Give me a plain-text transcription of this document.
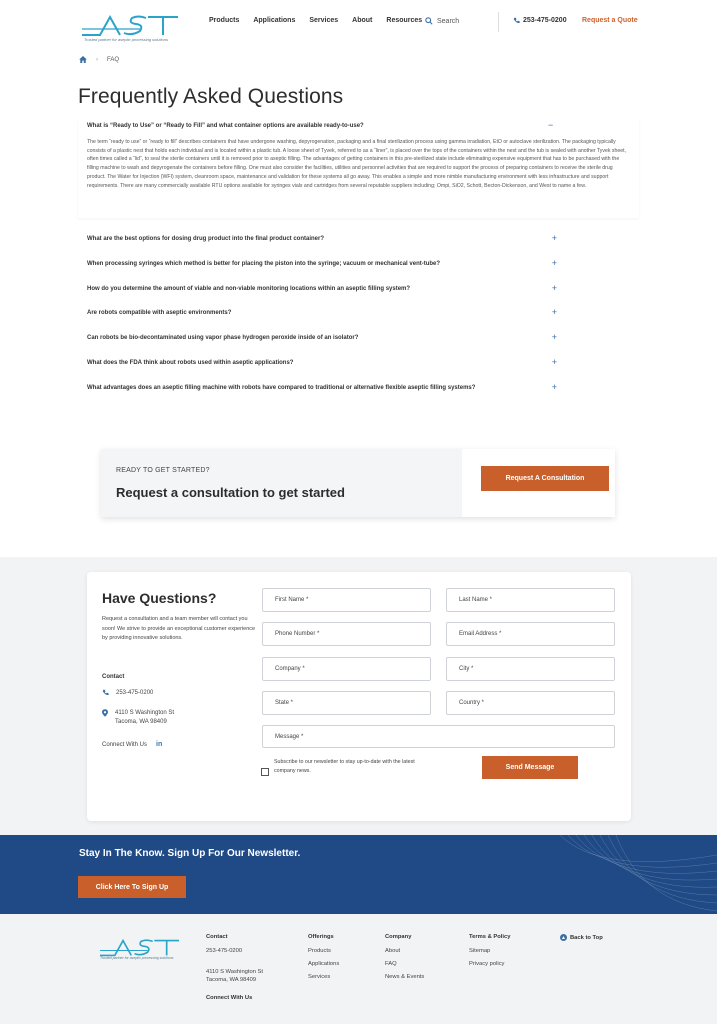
Trusted partner for aseptic processing solutions
Products Applications Services About Resources Search	253-475-0200 Request a Quote
› FAQ
Frequently Asked Questions
What is “Ready to Use” or “Ready to Fill” and what container options are available ready-to-use?	−
The term “ready to use” or “ready to fill” describes containers that have undergone washing, depyrogenation, packaging and a final sterilization process using gamma irradiation, EtO or autoclave sterilization. The packaging typically consists of a plastic nest that holds each individual and is located within a plastic tub. A loose sheet of Tyvek, referred to as a “liner”, is placed over the tops of the containers within the nest and the tub is sealed with another Tyvek sheet, often times called a “lid”, to seal the sterile containers until it is removed prior to aseptic filling. The advantages of getting containers in this pre-sterilized state include eliminating expensive equipment that has to be purchased with the filling machine to wash and depyrogenate the containers before filling. One must also consider the facilities, utilities and personnel activities that are required to support the process of preparing containers to receive the sterile drug product. The Water for Injection (WFI) system, cleanroom space, maintenance and validation for these systems all go away. This enables a simple and more nimble manufacturing environment with less infrastructure and support requirements. There are many commercially available RTU options available for syringes vials and cartridges from several reputable suppliers including; Ompi, SiO2, Schott, Becton-Dickenson, and West to name a few.
What are the best options for dosing drug product into the final product container?	+
When processing syringes which method is better for placing the piston into the syringe; vacuum or mechanical vent-tube?	+
How do you determine the amount of viable and non-viable monitoring locations within an aseptic filling system?	+
Are robots compatible with aseptic environments?	+
Can robots be bio-decontaminated using vapor phase hydrogen peroxide inside of an isolator?	+
What does the FDA think about robots used within aseptic applications?	+
What advantages does an aseptic filling machine with robots have compared to traditional or alternative flexible aseptic filling systems?	+
READY TO GET STARTED?
Request a consultation to get started
Request A Consultation
Have Questions?
Request a consultation and a team member will contact you soon! We strive to provide an exceptional customer experience by providing innovative solutions.
Contact
253-475-0200
4110 S Washington St
Tacoma, WA 98409
Connect With Us in
First Name *	Last Name *
Phone Number *	Email Address *
Company *	City *
State *	Country *
Message *
Subscribe to our newsletter to stay up-to-date with the latest company news.	Send Message
Stay In The Know. Sign Up For Our Newsletter.
Click Here To Sign Up
Trusted partner for aseptic processing solutions
Contact
253-475-0200
4110 S Washington St
Tacoma, WA 98409
Connect With Us
Offerings
Products
Applications
Services
Company
About
FAQ
News & Events
Terms & Policy
Sitemap
Privacy policy
▲ Back to Top
